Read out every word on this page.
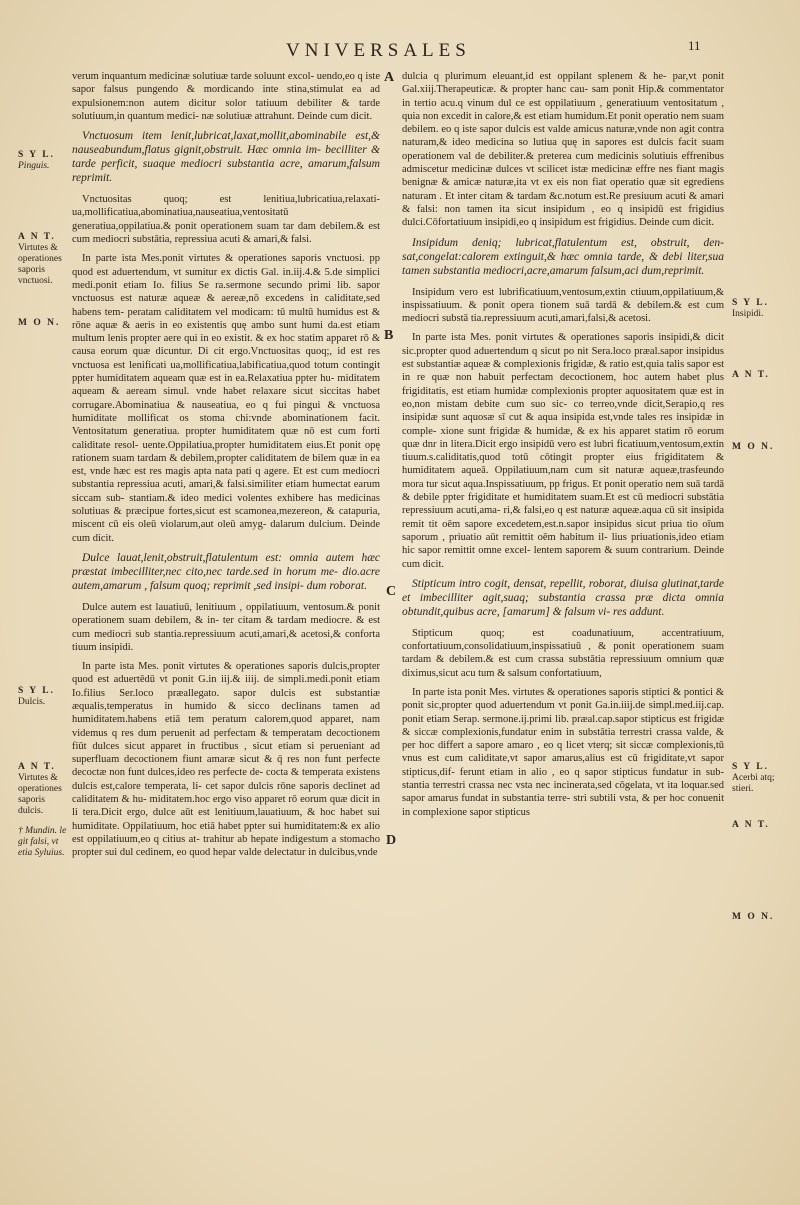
VNIVERSALES	11
A
B
C
D
S Y L.
Pinguis.
A N T.
Virtutes & operationes saporis vnctuosi.
M O N.
S Y L.
Dulcis.
A N T.
Virtutes & operationes saporis dulcis.
† Mundin. le git falsi, vt etia Syluius.
S Y L.
Insipidi.
A N T.
M O N.
S Y L.
Acerbi atq; stieri.
A N T.
M O N.

verum inquantum medicinæ solutiuæ tarde soluunt excol- uendo,eo q iste sapor falsus pungendo & mordicando inte stina,stimulat ea ad expulsionem:non autem dicitur solor tatiuum debiliter & tarde solutiuum,in quantum medici- næ solutiuæ attrahunt. Deinde cum dicit.

Vnctuosum item lenit,lubricat,laxat,mollit,abominabile est,& nauseabundum,flatus gignit,obstruit. Hæc omnia im- becilliter & tarde perficit, suaque mediocri substantia acre, amarum,falsum reprimit.

Vnctuositas quoq; est lenitiua,lubricatiua,relaxati- ua,mollificatiua,abominatiua,nauseatiua,ventositatū generatiua,oppilatiua.& ponit operationem suam tar dam debilem.& est cum mediocri substātia, repressiua acuti & amari,& falsi.

In parte ista Mes.ponit virtutes & operationes saporis vnctuosi. pp quod est aduertendum, vt sumitur ex dictis Gal. in.iij.4.& 5.de simplici medi.ponit etiam Io. filius Se ra.sermone secundo primi lib. sapor vnctuosus est naturæ aqueæ & aereæ,nō excedens in caliditate,sed habens tem- peratam caliditatem vel modicam: tū multū humidus est & rōne aquæ & aeris in eo existentis quę ambo sunt humi da.est etiam multum lenis propter aere qui in eo existit. & ex hoc statim apparet rō & causa eorum quæ dicuntur. Di cit ergo.Vnctuositas quoq;, id est res vnctuosa est lenificati ua,mollificatiua,labificatiua,quod totum contingit ppter humiditatem aqueam quæ est in ea.Relaxatiua ppter hu- miditatem aqueam & aeream simul. vnde habet relaxare sicut siccitas habet corrugare.Abominatiua & nauseatiua, eo q fui pingui & vnctuosa humiditate mollificat os stoma chi:vnde abominationem facit. Ventositatum generatiua. propter humiditatem quæ nō est cum forti caliditate resol- uente.Oppilatiua,propter humiditatem eius.Et ponit opę rationem suam tardam & debilem,propter caliditatem de bilem quæ in ea est, vnde hæc est res magis apta nata pati q agere. Et est cum mediocri substantia repressiua acuti, amari,& falsi.similiter etiam humectat earum siccam sub- stantiam.& ideo medici volentes exhibere has medicinas solutiuas & præcipue fortes,sicut est scamonea,mezereon, & catapuria, miscent cū eis oleū violarum,aut oleū amyg- dalarum dulcium. Deinde cum dicit.

Dulce lauat,lenit,obstruit,flatulentum est: omnia autem hæc præstat imbecilliter,nec cito,nec tarde.sed in horum me- dio.acre autem,amarum , falsum quoq; reprimit ,sed insipi- dum roborat.

Dulce autem est lauatiuū, lenitiuum , oppilatiuum, ventosum.& ponit operationem suam debilem, & in- ter citam & tardam mediocre. & est cum mediocri sub stantia.repressiuum acuti,amari,& acetosi,& conforta tiuum insipidi.

In parte ista Mes. ponit virtutes & operationes saporis dulcis,propter quod est aduertēdū vt ponit G.in iij.& iiij. de simpli.medi.ponit etiam Io.filius Ser.loco præallegato. sapor dulcis est substantiæ æqualis,temperatus in humido & sicco declinans tamen ad humiditatem.habens etiā tem peratum calorem,quod apparet, nam videmus q res dum peruenit ad perfectam & temperatam decoctionem fiūt dulces sicut apparet in fructibus , sicut etiam si perueniant ad superfluam decoctionem fiunt amaræ sicut & q̄ res non funt perfecte decoctæ non funt dulces,ideo res perfecte de- cocta & temperata existens dulcis est,calore temperata, li- cet sapor dulcis rōne saporis declinet ad caliditatem & hu- miditatem.hoc ergo viso apparet rō eorum quæ dicit in li tera.Dicit ergo, dulce aūt est lenitiuum,lauatiuum, & hoc habet sui humiditate. Oppilatiuum, hoc etiā habet ppter sui humiditatem:& ex alio est oppilatiuum,eo q citius at- trahitur ab hepate indigestum a stomacho propter sui dul cedinem, eo quod hepar valde delectatur in dulcibus,vnde

dulcia q plurimum eleuant,id est oppilant splenem & he- par,vt ponit Gal.xiij.Therapeuticæ. & propter hanc cau- sam ponit Hip.& commentator in tertio acu.q vinum dul ce est oppilatiuum , generatiuum ventositatum , quia non excedit in calore,& est etiam humidum.Et ponit operatio nem suam debilem. eo q iste sapor dulcis est valde amicus naturæ,vnde non agit contra naturam,& ideo medicina so lutiua quę in sapores est dulcis facit suam operationem val de debiliter.& preterea cum medicinis solutiuis effrenibus admiscetur medicinæ dulces vt scilicet istæ medicinæ effre nes fiant magis benignæ & amicæ naturæ,ita vt ex eis non fiat operatio quæ sit egrediens naturam . Et inter citam & tardam &c.notum est.Re presiuum acuti & amari & falsi: non tamen ita sicut insipidum , eo q insipidū est frigidius dulci.Cōfortatiuum insipidi,eo q insipidum est frigidius. Deinde cum dicit.

Insipidum deniq; lubricat,flatulentum est, obstruit, den- sat,congelat:calorem extinguit,& hæc omnia tarde, & debi liter,sua tamen substantia mediocri,acre,amarum falsum,aci dum,reprimit.

Insipidum vero est lubrificatiuum,ventosum,extin ctiuum,oppilatiuum,& inspissatiuum. & ponit opera tionem suā tardā & debilem.& est cum mediocri substā tia.repressiuum acuti,amari,falsi,& acetosi.

In parte ista Mes. ponit virtutes & operationes saporis insipidi,& dicit sic.propter quod aduertendum q sicut po nit Sera.loco præal.sapor insipidus est substantiæ aqueæ & complexionis frigidæ, & ratio est,quia talis sapor est in re quæ non habuit perfectam decoctionem, hoc autem habet plus frigiditatis, est etiam humidæ complexionis propter aquositatem quæ est in eo,non mistam debite cum suo sic- co terreo,vnde dicit,Serapio,q res insipidæ sunt aquosæ sī cut & aqua insipida est,vnde tales res insipidæ in comple- xione sunt frigidæ & humidæ, & ex his apparet statim rō eorum quæ dnr in litera.Dicit ergo insipidū vero est lubri ficatiuum,ventosum,extin tiuum.s.caliditatis,quod totū cōtingit propter eius frigiditatem & humiditatem aqueā. Oppilatiuum,nam cum sit naturæ aqueæ,trasfeundo mora tur sicut aqua.Inspissatiuum, pp frigus. Et ponit operatio nem suā tardā & debile ppter frigiditate et humiditatem suam.Et est cū mediocri substātia repressiuum acuti,ama- ri,& falsi,eo q est naturæ aqueæ.aqua cū sit insipida remit tit oēm sapore excedetem,est.n.sapor insipidus sicut priua tio oīum saporum , priuatio aūt remittit oēm habitum il- lius priuationis,ideo etiam hic sapor remittit omne excel- lentem saporem & suum contrarium. Deinde cum dicit.

Stipticum intro cogit, densat, repellit, roborat, diuisa glutinat,tarde et imbecilliter agit,suaq; substantia crassa præ dicta omnia obtundit,quibus acre, [amarum] & falsum vi- res addunt.

Stipticum quoq; est coadunatiuum, accentratiuum, confortatiuum,consolidatiuum,inspissatiuū , & ponit operationem suam tardam & debilem.& est cum crassa substātia repressiuum omnium quæ diximus,sicut acu tum & salsum confortatiuum,

In parte ista ponit Mes. virtutes & operationes saporis stiptici & pontici & ponit sic,propter quod aduertendum vt ponit Ga.in.iiij.de simpl.med.iij.cap. ponit etiam Serap. sermone.ij.primi lib. præal.cap.sapor stipticus est frigidæ & siccæ complexionis,fundatur enim in substātia terrestri crassa valde, & per hoc differt a sapore amaro , eo q licet vterq; sit siccæ complexionis,tū vnus est cum caliditate,vt sapor amarus,alius est cū frigiditate,vt sapor stipticus,dif- ferunt etiam in alio , eo q sapor stipticus fundatur in sub- stantia terrestri crassa nec vsta nec incinerata,sed cōgelata, vt ita loquar.sed sapor amarus fundat in substantia terre- stri subtili vsta, & per hoc conuenit in complexione sapor stipticus
